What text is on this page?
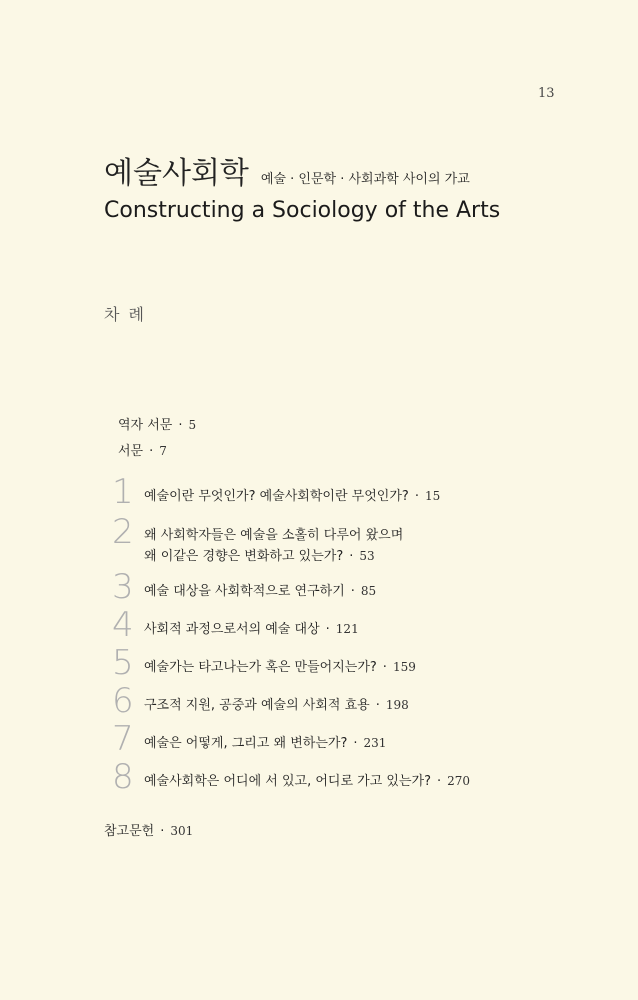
13
예술사회학 예술 · 인문학 · 사회과학 사이의 가교
Constructing a Sociology of the Arts
차 례
역자 서문 · 5
서문 · 7
1 예술이란 무엇인가? 예술사회학이란 무엇인가? · 15
2 왜 사회학자들은 예술을 소홀히 다루어 왔으며
왜 이같은 경향은 변화하고 있는가? · 53
3 예술 대상을 사회학적으로 연구하기 · 85
4 사회적 과정으로서의 예술 대상 · 121
5 예술가는 타고나는가 혹은 만들어지는가? · 159
6 구조적 지원, 공중과 예술의 사회적 효용 · 198
7 예술은 어떻게, 그리고 왜 변하는가? · 231
8 예술사회학은 어디에 서 있고, 어디로 가고 있는가? · 270
참고문헌 · 301
